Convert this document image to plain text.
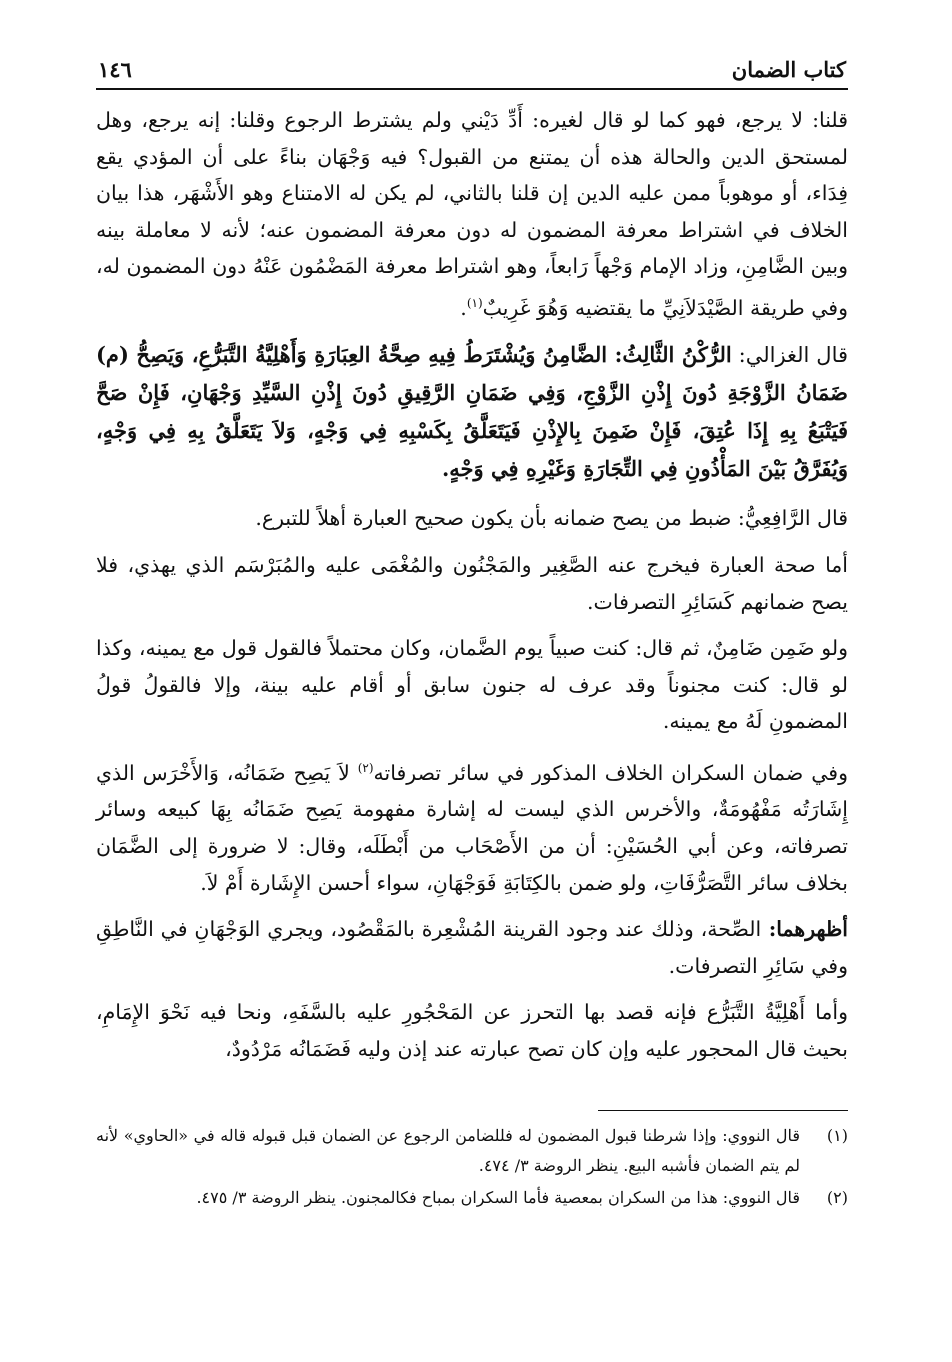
كتاب الضمان
١٤٦

قلنا: لا يرجع، فهو كما لو قال لغيره: أَدِّ دَيْني ولم يشترط الرجوع وقلنا: إنه يرجع، وهل لمستحق الدين والحالة هذه أن يمتنع من القبول؟ فيه وَجْهَان بناءً على أن المؤدي يقع فِدَاء، أو موهوباً ممن عليه الدين إن قلنا بالثاني، لم يكن له الامتناع وهو الأَشْهَر، هذا بيان الخلاف في اشتراط معرفة المضمون له دون معرفة المضمون عنه؛ لأنه لا معاملة بينه وبين الضَّامِنِ، وزاد الإمام وَجْهاً رَابعاً، وهو اشتراط معرفة المَضْمُون عَنْهُ دون المضمون له، وفي طريقة الصَّيْدَلاَنِيِّ ما يقتضيه وَهُوَ غَرِيبٌ$^{(١)}$.

قال الغزالي: الرُّكْنُ الثَّالِثُ: الضَّامِنُ وَيُشْتَرَطُ فِيهِ صِحَّةُ العِبَارَةِ وَأَهْلِيَّةُ التَّبَرُّعِ، وَيَصِحُّ (م) ضَمَانُ الزَّوْجَةِ دُونَ إِذْنِ الزَّوْجِ، وَفِي ضَمَانِ الرَّقِيقِ دُونَ إِذْنِ السَّيِّدِ وَجْهَانِ، فَإِنْ صَحَّ فَيَتْبَعُ بِهِ إِذَا عُتِقَ، فَإِنْ ضَمِنَ بِالإِذْنِ فَيَتَعَلَّقُ بِكَسْبِهِ فِي وَجْهٍ، وَلاَ يَتَعَلَّقُ بِهِ فِي وَجْهٍ، وَيُفَرَّقُ بَيْنَ المَأْذُونِ فِي التِّجَارَةِ وَغَيْرِهِ فِي وَجْهٍ.

قال الرَّافِعِيُّ: ضبط من يصح ضمانه بأن يكون صحيح العبارة أهلاً للتبرع.

أما صحة العبارة فيخرج عنه الصَّغِير والمَجْنُون والمُغْمَى عليه والمُبَرْسَم الذي يهذي، فلا يصح ضمانهم كَسَائِرِ التصرفات.

ولو ضَمِن ضَامِنٌ، ثم قال: كنت صبياً يوم الضَّمان، وكان محتملاً فالقول قول مع يمينه، وكذا لو قال: كنت مجنوناً وقد عرف له جنون سابق أو أقام عليه بينة، وإلا فالقولُ قولُ المضمونِ لَهُ مع يمينه.

وفي ضمان السكران الخلاف المذكور في سائر تصرفاته$^{(٢)}$ لاَ يَصِح ضَمَانُه، وَالأَخْرَس الذي إِشَارَتُه مَفْهُومَةٌ، والأخرس الذي ليست له إشارة مفهومة يَصِح ضَمَانُه بِهَا كبيعه وسائر تصرفاته، وعن أبي الحُسَيْنِ: أن من الأَصْحَاب من أَبْطَلَه، وقال: لا ضرورة إلى الضَّمَان بخلاف سائر التَّصَرُّفَاتِ، ولو ضمن بالكِتَابَةِ فَوَجْهَانِ، سواء أحسن الإِشَارة أَمْ لاَ.

أظهرهما: الصِّحة، وذلك عند وجود القرينة المُشْعِرة بالمَقْصُود، ويجري الوَجْهَانِ في النَّاطِقِ وفي سَائِرِ التصرفات.

وأما أَهْلِيَّةُ التَّبَرُّع فإنه قصد بها التحرز عن المَحْجُورِ عليه بالسَّفَهِ، ونحا فيه نَحْوَ الإِمَامِ، بحيث قال المحجور عليه وإن كان تصح عبارته عند إذن وليه فَضَمَانُه مَرْدُودٌ،

(١)
قال النووي: وإذا شرطنا قبول المضمون له فللضامن الرجوع عن الضمان قبل قبوله قاله في «الحاوي» لأنه لم يتم الضمان فأشبه البيع. ينظر الروضة ٣/ ٤٧٤.
(٢)
قال النووي: هذا من السكران بمعصية فأما السكران بمباح فكالمجنون. ينظر الروضة ٣/ ٤٧٥.
